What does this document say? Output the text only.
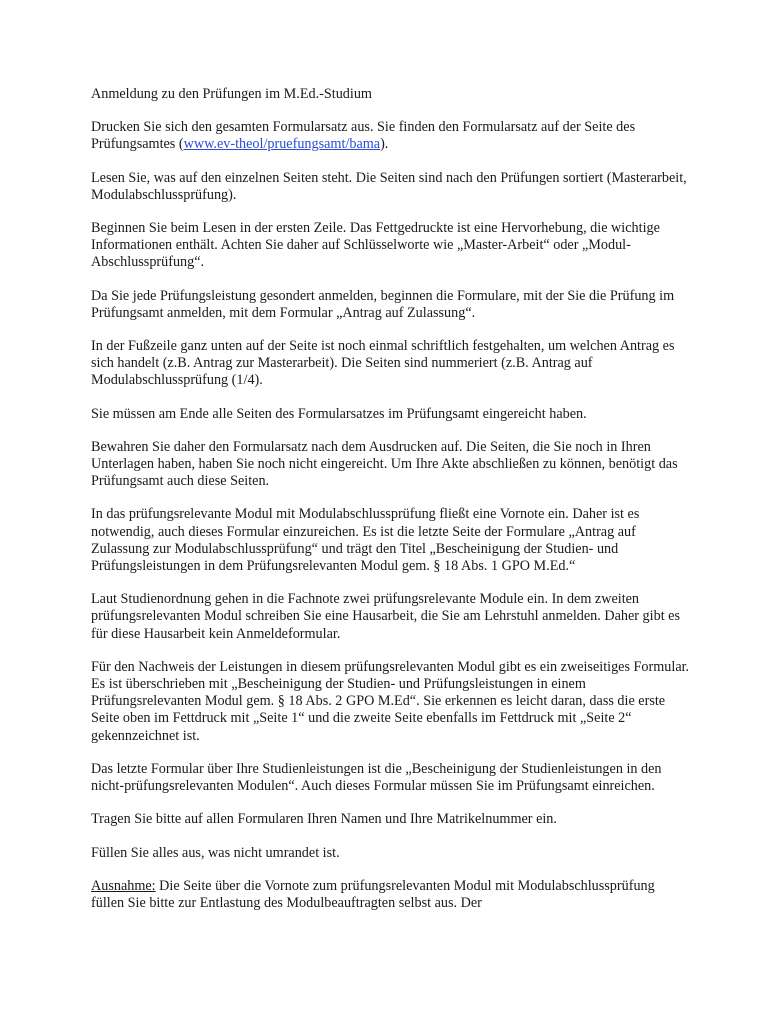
Anmeldung zu den Prüfungen im M.Ed.-Studium

Drucken Sie sich den gesamten Formularsatz aus. Sie finden den Formularsatz auf der Seite des Prüfungsamtes (www.ev-theol/pruefungsamt/bama).

Lesen Sie, was auf den einzelnen Seiten steht. Die Seiten sind nach den Prüfungen sortiert (Masterarbeit, Modulabschlussprüfung).

Beginnen Sie beim Lesen in der ersten Zeile. Das Fettgedruckte ist eine Hervorhebung, die wichtige Informationen enthält. Achten Sie daher auf Schlüsselworte wie „Master-Arbeit“ oder „Modul-Abschlussprüfung“.

Da Sie jede Prüfungsleistung gesondert anmelden, beginnen die Formulare, mit der Sie die Prüfung im Prüfungsamt anmelden, mit dem Formular „Antrag auf Zulassung“.

In der Fußzeile ganz unten auf der Seite ist noch einmal schriftlich festgehalten, um welchen Antrag es sich handelt (z.B. Antrag zur Masterarbeit). Die Seiten sind nummeriert (z.B. Antrag auf Modulabschlussprüfung (1/4).

Sie müssen am Ende alle Seiten des Formularsatzes im Prüfungsamt eingereicht haben.

Bewahren Sie daher den Formularsatz nach dem Ausdrucken auf. Die Seiten, die Sie noch in Ihren Unterlagen haben, haben Sie noch nicht eingereicht. Um Ihre Akte abschließen zu können, benötigt das Prüfungsamt auch diese Seiten.

In das prüfungsrelevante Modul mit Modulabschlussprüfung fließt eine Vornote ein. Daher ist es notwendig, auch dieses Formular einzureichen. Es ist die letzte Seite der Formulare „Antrag auf Zulassung zur Modulabschlussprüfung“ und trägt den Titel „Bescheinigung der Studien- und Prüfungsleistungen in dem Prüfungsrelevanten Modul gem. § 18 Abs. 1 GPO M.Ed.“

Laut Studienordnung gehen in die Fachnote zwei prüfungsrelevante Module ein. In dem zweiten prüfungsrelevanten Modul schreiben Sie eine Hausarbeit, die Sie am Lehrstuhl anmelden. Daher gibt es für diese Hausarbeit kein Anmeldeformular.

Für den Nachweis der Leistungen in diesem prüfungsrelevanten Modul gibt es ein zweiseitiges Formular. Es ist überschrieben mit „Bescheinigung der Studien- und Prüfungsleistungen in einem Prüfungsrelevanten Modul gem. § 18 Abs. 2 GPO M.Ed“. Sie erkennen es leicht daran, dass die erste Seite oben im Fettdruck mit „Seite 1“ und die zweite Seite ebenfalls im Fettdruck mit „Seite 2“ gekennzeichnet ist.

Das letzte Formular über Ihre Studienleistungen ist die „Bescheinigung der Studienleistungen in den nicht-prüfungsrelevanten Modulen“. Auch dieses Formular müssen Sie im Prüfungsamt einreichen.

Tragen Sie bitte auf allen Formularen Ihren Namen und Ihre Matrikelnummer ein.

Füllen Sie alles aus, was nicht umrandet ist.

Ausnahme: Die Seite über die Vornote zum prüfungsrelevanten Modul mit Modulabschlussprüfung füllen Sie bitte zur Entlastung des Modulbeauftragten selbst aus. Der
